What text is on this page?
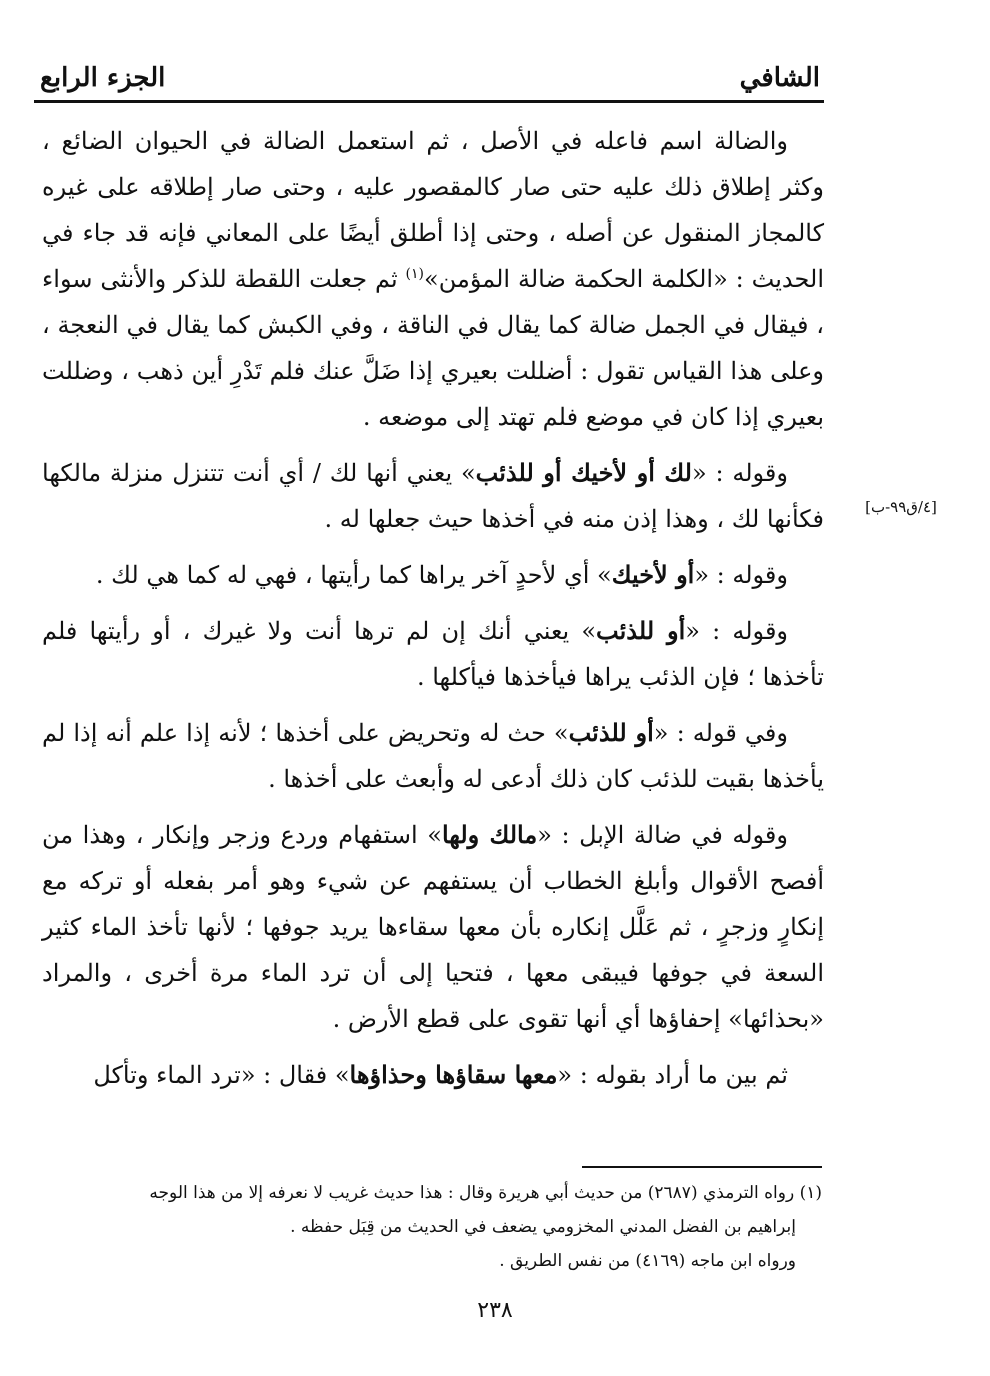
الشافي
الجزء الرابع
[٤/ق٩٩-ب]

والضالة اسم فاعله في الأصل ، ثم استعمل الضالة في الحيوان الضائع ، وكثر إطلاق ذلك عليه حتى صار كالمقصور عليه ، وحتى صار إطلاقه على غيره كالمجاز المنقول عن أصله ، وحتى إذا أطلق أيضًا على المعاني فإنه قد جاء في الحديث : «الكلمة الحكمة ضالة المؤمن»$^{(١)}$ ثم جعلت اللقطة للذكر والأنثى سواء ، فيقال في الجمل ضالة كما يقال في الناقة ، وفي الكبش كما يقال في النعجة ، وعلى هذا القياس تقول : أضللت بعيري إذا ضَلَّ عنك فلم تَدْرِ أين ذهب ، وضللت بعيري إذا كان في موضع فلم تهتد إلى موضعه .

وقوله : «لك أو لأخيك أو للذئب» يعني أنها لك / أي أنت تتنزل منزلة مالكها فكأنها لك ، وهذا إذن منه في أخذها حيث جعلها له .

وقوله : «أو لأخيك» أي لأحدٍ آخر يراها كما رأيتها ، فهي له كما هي لك .

وقوله : «أو للذئب» يعني أنك إن لم ترها أنت ولا غيرك ، أو رأيتها فلم تأخذها ؛ فإن الذئب يراها فيأخذها فيأكلها .

وفي قوله : «أو للذئب» حث له وتحريض على أخذها ؛ لأنه إذا علم أنه إذا لم يأخذها بقيت للذئب كان ذلك أدعى له وأبعث على أخذها .

وقوله في ضالة الإبل : «مالك ولها» استفهام وردع وزجر وإنكار ، وهذا من أفصح الأقوال وأبلغ الخطاب أن يستفهم عن شيء وهو أمر بفعله أو تركه مع إنكارٍ وزجرٍ ، ثم عَلَّل إنكاره بأن معها سقاءها يريد جوفها ؛ لأنها تأخذ الماء كثير السعة في جوفها فيبقى معها ، فتحيا إلى أن ترد الماء مرة أخرى ، والمراد «بحذائها» إحفاؤها أي أنها تقوى على قطع الأرض .

ثم بين ما أراد بقوله : «معها سقاؤها وحذاؤها» فقال : «ترد الماء وتأكل

(١) رواه الترمذي (٢٦٨٧) من حديث أبي هريرة وقال : هذا حديث غريب لا نعرفه إلا من هذا الوجه

إبراهيم بن الفضل المدني المخزومي يضعف في الحديث من قِبَل حفظه .

ورواه ابن ماجه (٤١٦٩) من نفس الطريق .

٢٣٨
